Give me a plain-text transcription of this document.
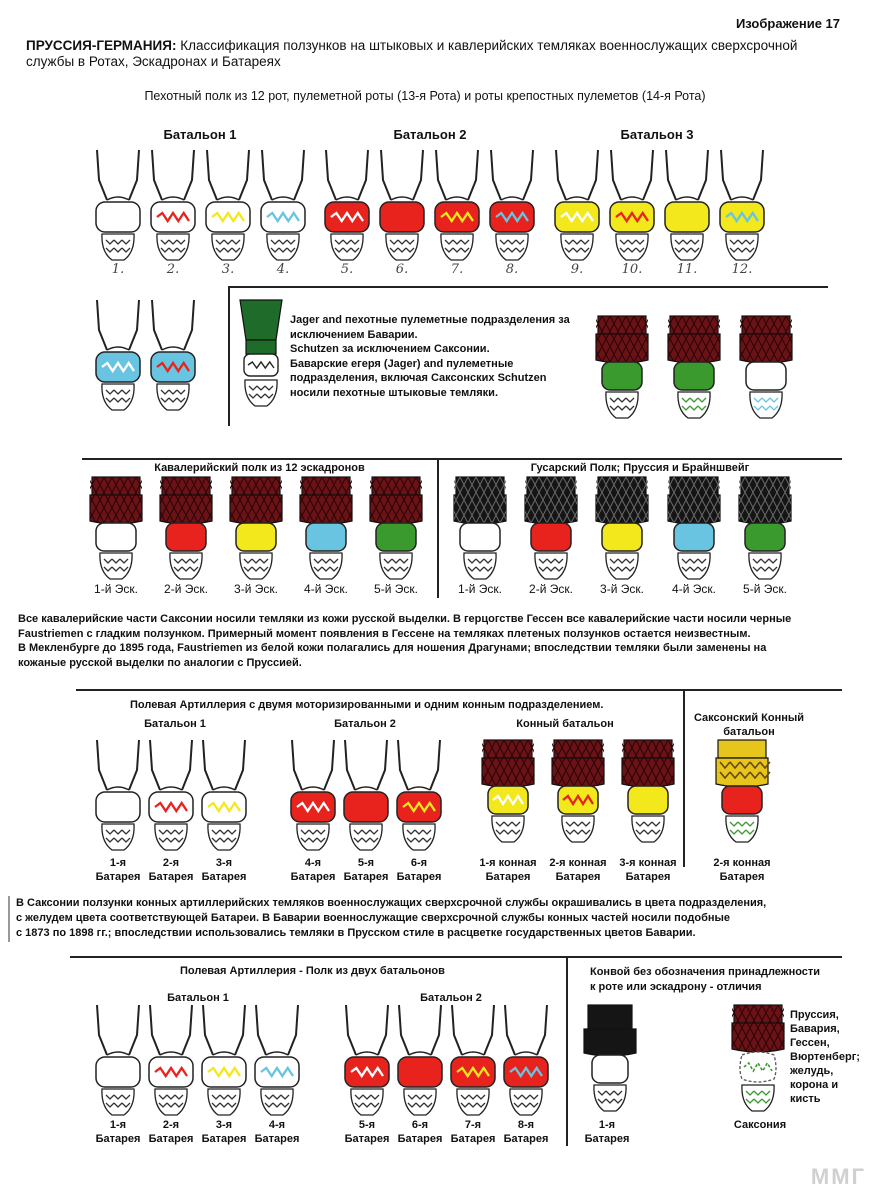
Изображение 17
ПРУССИЯ-ГЕРМАНИЯ: Классификация ползунков на штыковых и кавлерийских темляках военнослужащих сверхсрочной службы в Ротах, Эскадронах и Батареях
Пехотный полк из 12 рот, пулеметной роты (13-я Рота) и роты крепостных пулеметов (14-я Рота)
Батальон 1	Батальон 2	Батальон 3
1.	2.	3.	4.	5.	6.	7.	8.	9.	10.	11.	12.
Jager and пехотные пулеметные подразделения за
исключением Баварии.
Schutzen за исключением Саксонии.
Баварские егеря (Jager) and пулеметные
подразделения, включая Саксонских Schutzen
носили пехотные штыковые темляки.
Кавалерийский полк из 12 эскадронов	Гусарский Полк; Пруссия и Брайншвейг
1-й Эск.	2-й Эск.	3-й Эск.	4-й Эск.	5-й Эск.	1-й Эск.	2-й Эск.	3-й Эск.	4-й Эск.	5-й Эск.
Все кавалерийские части Саксонии носили темляки из кожи русской выделки. В герцогстве Гессен все кавалерийские части носили черные
Faustriemen с гладким ползунком. Примерный момент появления в Гессене на темляках плетеных ползунков остается неизвестным.
В Мекленбурге до 1895 года, Faustriemen из белой кожи полагались для ношения Драгунами; впоследствии темляки были заменены на
кожаные русской выделки по аналогии с Пруссией.
Полевая Артиллерия с двумя моторизированными и одним конным подразделением.
Батальон 1	Батальон 2	Конный батальон	Саксонский Конный
батальон
1-я
Батарея
2-я
Батарея
3-я
Батарея
4-я
Батарея
5-я
Батарея
6-я
Батарея
1-я конная
Батарея
2-я конная
Батарея
3-я конная
Батарея
2-я конная
Батарея
В Саксонии ползунки конных артиллерийских темляков военнослужащих сверхсрочной службы окрашивались в цвета подразделения,
с желудем цвета соответствующей Батареи. В Баварии военнослужащие сверхсрочной службы конных частей носили подобные
с 1873 по 1898 гг.; впоследствии использовались темляки в Прусском стиле в расцветке государственных цветов Баварии.
Полевая Артиллерия - Полк из двух батальонов
Батальон 1	Батальон 2
1-я
Батарея
2-я
Батарея
3-я
Батарея
4-я
Батарея
5-я
Батарея
6-я
Батарея
7-я
Батарея
8-я
Батарея
Конвой без обозначения принадлежности
к роте или эскадрону - отличия
1-я
Батарея
Пруссия,
Бавария,
Гессен,
Вюртенберг;
желудь,
корона и
кисть
Саксония
ММГ
